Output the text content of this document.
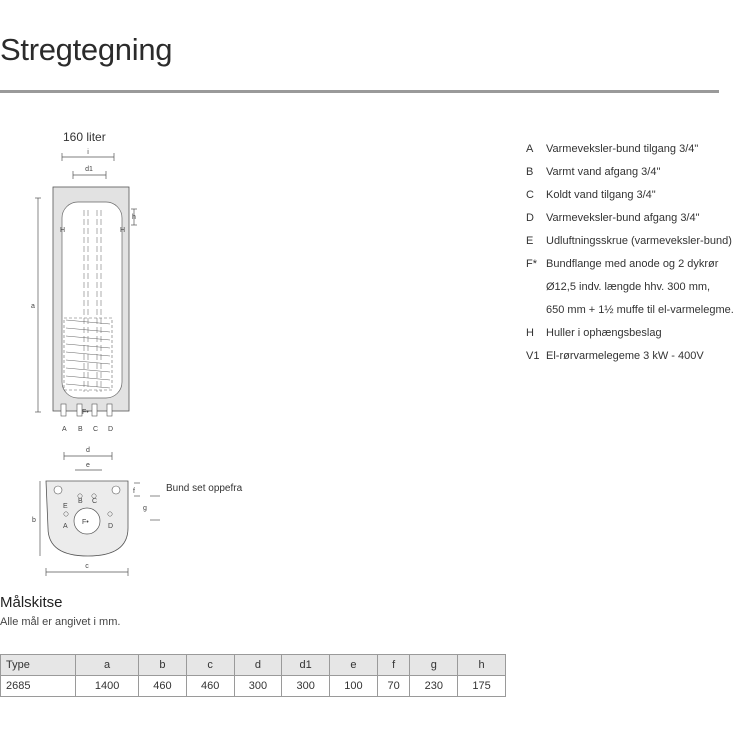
Stregtegning
160 liter
i
d1
H	H
h
a
F•
A B C D
d
e
F•
B C
E
A	D
f
g
b
c
Bund set oppefra
A	Varmeveksler-bund tilgang 3/4"
B	Varmt vand afgang 3/4"
C	Koldt vand tilgang 3/4"
D	Varmeveksler-bund afgang 3/4"
E	Udluftningsskrue (varmeveksler-bund)
F* Bundflange med anode og 2 dykrør
Ø12,5 indv. længde hhv. 300 mm,
650 mm + 1½ muffe til el-varmelegme.
H	Huller i ophængsbeslag
V1 El-rørvarmelegeme 3 kW - 400V
Målskitse
Alle mål er angivet i mm.
Type	a	b	c	d	d1	e	f	g	h
2685	1400	460	460	300	300	100	70	230	175
